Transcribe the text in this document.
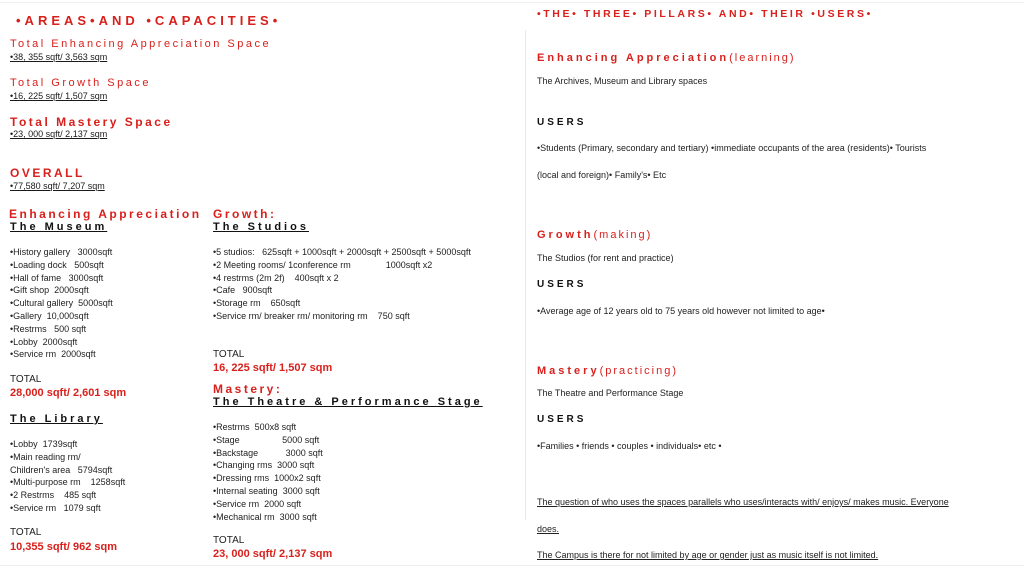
•AREAS•AND •CAPACITIES•
Total Enhancing Appreciation Space
•38, 355 sqft/ 3,563 sqm
Total Growth Space
•16, 225 sqft/ 1,507 sqm
Total Mastery Space
•23, 000 sqft/ 2,137 sqm
OVERALL
•77,580 sqft/ 7,207 sqm
Enhancing Appreciation
The Museum
•History gallery   3000sqft
•Loading dock   500sqft
•Hall of fame   3000sqft
•Gift shop  2000sqft
•Cultural gallery  5000sqft
•Gallery  10,000sqft
•Restrms   500 sqft
•Lobby  2000sqft
•Service rm  2000sqft
TOTAL
28,000 sqft/ 2,601 sqm
The Library
•Lobby  1739sqft
•Main reading rm/
Children's area   5794sqft
•Multi-purpose rm    1258sqft
•2 Restrms    485 sqft
•Service rm   1079 sqft
TOTAL
10,355 sqft/ 962 sqm
Growth:
The Studios
•5 studios:   625sqft + 1000sqft + 2000sqft + 2500sqft + 5000sqft
•2 Meeting rooms/ 1conference rm              1000sqft x2
•4 restrms (2m 2f)    400sqft x 2
•Cafe   900sqft
•Storage rm    650sqft
•Service rm/ breaker rm/ monitoring rm    750 sqft
TOTAL
16, 225 sqft/ 1,507 sqm
Mastery:
The Theatre & Performance Stage
•Restrms  500x8 sqft
•Stage                 5000 sqft
•Backstage           3000 sqft
•Changing rms  3000 sqft
•Dressing rms  1000x2 sqft
•Internal seating  3000 sqft
•Service rm  2000 sqft
•Mechanical rm  3000 sqft
TOTAL
23, 000 sqft/ 2,137 sqm
•THE• THREE• PILLARS• AND• THEIR •USERS•
Enhancing Appreciation(learning)
The Archives, Museum and Library spaces
USERS
•Students (Primary, secondary and tertiary) •immediate occupants of the area (residents)• Tourists
(local and foreign)• Family's• Etc
Growth(making)
The Studios (for rent and practice)
USERS
•Average age of 12 years old to 75 years old however not limited to age•
Mastery(practicing)
The Theatre and Performance Stage
USERS
•Families • friends • couples • individuals• etc •
The question of who uses the spaces parallels who uses/interacts with/ enjoys/ makes music. Everyone
does.
The Campus is there for not limited by age or gender just as music itself is not limited.
